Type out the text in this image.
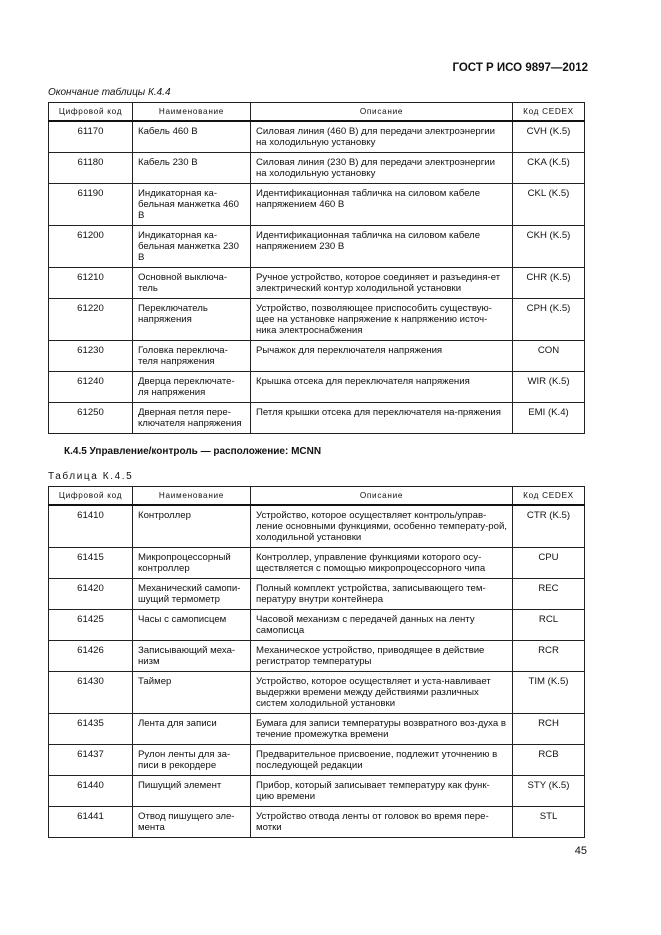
ГОСТ Р ИСО 9897—2012
Окончание таблицы К.4.4
Цифровой код	Наименование	Описание	Код CEDEX
61170	Кабель 460 В	Силовая линия (460 В) для передачи электроэнергии на холодильную установку	CVH (K.5)
61180	Кабель 230 В	Силовая линия (230 В) для передачи электроэнергии на холодильную установку	CKA (K.5)
61190	Индикаторная ка-бельная манжетка 460 В	Идентификационная табличка на силовом кабеле напряжением 460 В	CKL (K.5)
61200	Индикаторная ка-бельная манжетка 230 В	Идентификационная табличка на силовом кабеле напряжением 230 В	CKH (K.5)
61210	Основной выключа-тель	Ручное устройство, которое соединяет и разъединя-ет электрический контур холодильной установки	CHR (K.5)
61220	Переключатель напряжения	Устройство, позволяющее приспособить существую-щее на установке напряжение к напряжению источ-ника электроснабжения	CPH (K.5)
61230	Головка переключа-теля напряжения	Рычажок для переключателя напряжения	CON
61240	Дверца переключате-ля напряжения	Крышка отсека для переключателя напряжения	WIR (K.5)
61250	Дверная петля пере-ключателя напряжения	Петля крышки отсека для переключателя на-пряжения	EMI (K.4)
К.4.5 Управление/контроль — расположение: MCNN
Таблица К.4.5
Цифровой код	Наименование	Описание	Код CEDEX
61410	Контроллер	Устройство, которое осуществляет контроль/управ-ление основными функциями, особенно температу-рой, холодильной установки	CTR (K.5)
61415	Микропроцессорный контроллер	Контроллер, управление функциями которого осу-ществляется с помощью микропроцессорного чипа	CPU
61420	Механический самопи-шущий термометр	Полный комплект устройства, записывающего тем-пературу внутри контейнера	REC
61425	Часы с самописцем	Часовой механизм с передачей данных на ленту самописца	RCL
61426	Записывающий меха-низм	Механическое устройство, приводящее в действие регистратор температуры	RCR
61430	Таймер	Устройство, которое осуществляет и уста-навливает выдержки времени между действиями различных систем холодильной установки	TIM (K.5)
61435	Лента для записи	Бумага для записи температуры возвратного воз-духа в течение промежутка времени	RCH
61437	Рулон ленты для за-писи в рекордере	Предварительное присвоение, подлежит уточнению в последующей редакции	RCB
61440	Пишущий элемент	Прибор, который записывает температуру как функ-цию времени	STY (K.5)
61441	Отвод пишущего эле-мента	Устройство отвода ленты от головок во время пере-мотки	STL
45
